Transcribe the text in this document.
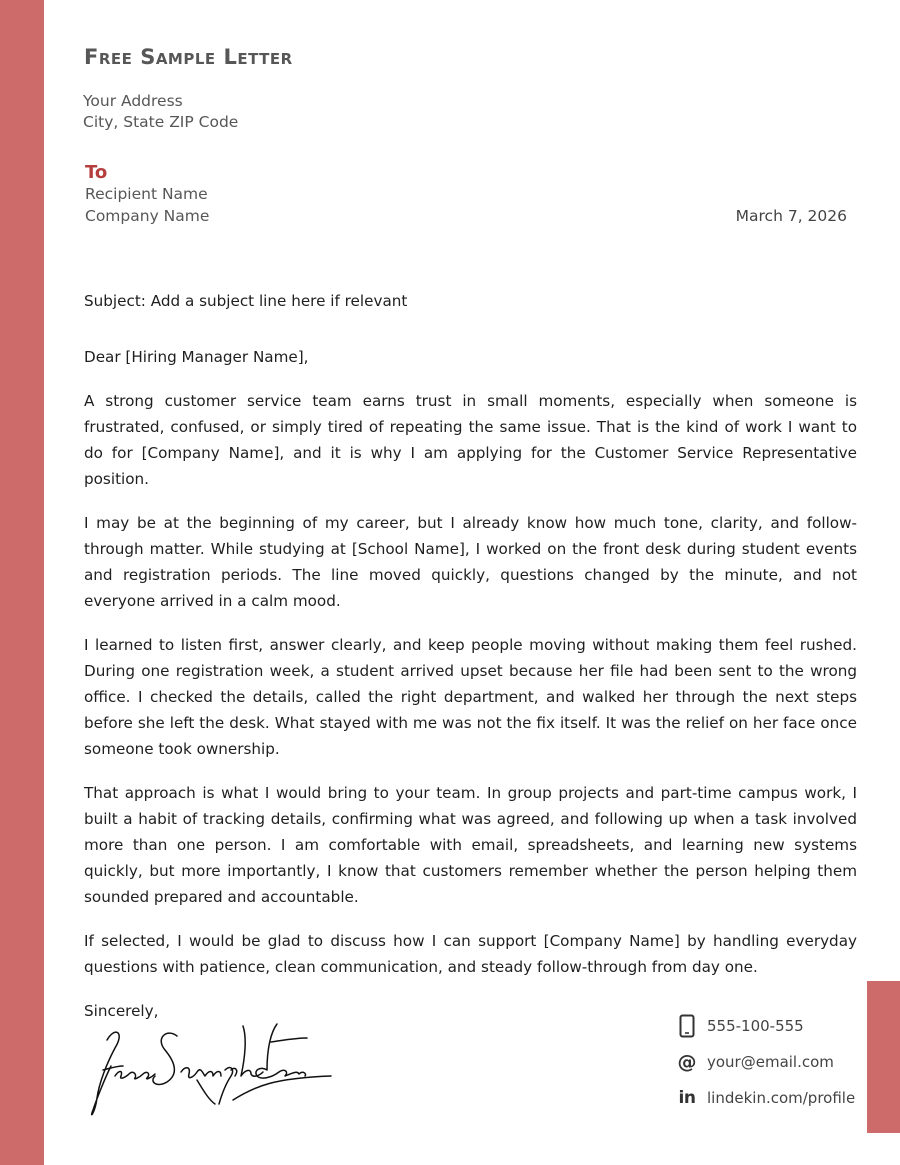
Free Sample Letter
Your Address
City, State ZIP Code
To
Recipient Name
Company Name	March 7, 2026

Subject: Add a subject line here if relevant

Dear [Hiring Manager Name],

A strong customer service team earns trust in small moments, especially when someone is frustrated, confused, or simply tired of repeating the same issue. That is the kind of work I want to do for [Company Name], and it is why I am applying for the Customer Service Representative position.

I may be at the beginning of my career, but I already know how much tone, clarity, and follow-through matter. While studying at [School Name], I worked on the front desk during student events and registration periods. The line moved quickly, questions changed by the minute, and not everyone arrived in a calm mood.

I learned to listen first, answer clearly, and keep people moving without making them feel rushed. During one registration week, a student arrived upset because her file had been sent to the wrong office. I checked the details, called the right department, and walked her through the next steps before she left the desk. What stayed with me was not the fix itself. It was the relief on her face once someone took ownership.

That approach is what I would bring to your team. In group projects and part-time campus work, I built a habit of tracking details, confirming what was agreed, and following up when a task involved more than one person. I am comfortable with email, spreadsheets, and learning new systems quickly, but more importantly, I know that customers remember whether the person helping them sounded prepared and accountable.

If selected, I would be glad to discuss how I can support [Company Name] by handling everyday questions with patience, clean communication, and steady follow-through from day one.

Sincerely,

555-100-555
@ your@email.com
in lindekin.com/profile
